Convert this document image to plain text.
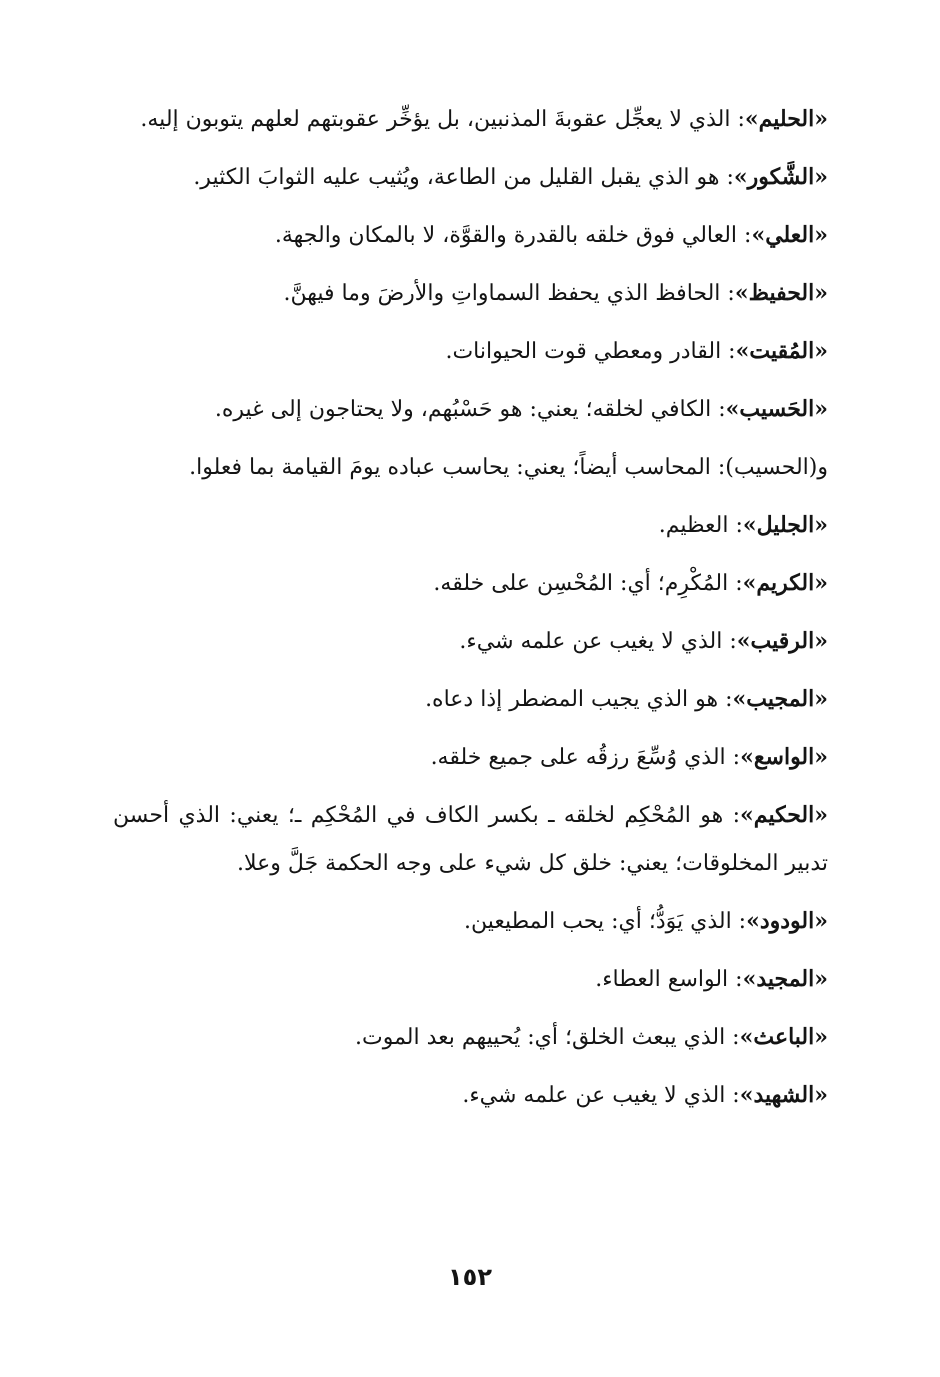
«الحليم»: الذي لا يعجِّل عقوبةَ المذنبين، بل يؤخِّر عقوبتهم لعلهم يتوبون إليه.

«الشَّكور»: هو الذي يقبل القليل من الطاعة، ويُثيب عليه الثوابَ الكثير.

«العلي»: العالي فوق خلقه بالقدرة والقوَّة، لا بالمكان والجهة.

«الحفيظ»: الحافظ الذي يحفظ السماواتِ والأرضَ وما فيهنَّ.

«المُقيت»: القادر ومعطي قوت الحيوانات.

«الحَسيب»: الكافي لخلقه؛ يعني: هو حَسْبُهم، ولا يحتاجون إلى غيره.

و(الحسيب): المحاسب أيضاً؛ يعني: يحاسب عباده يومَ القيامة بما فعلوا.

«الجليل»: العظيم.

«الكريم»: المُكْرِم؛ أي: المُحْسِن على خلقه.

«الرقيب»: الذي لا يغيب عن علمه شيء.

«المجيب»: هو الذي يجيب المضطر إذا دعاه.

«الواسع»: الذي وُسِّعَ رزقُه على جميع خلقه.

«الحكيم»: هو المُحْكِم لخلقه ـ بكسر الكاف في المُحْكِم ـ؛ يعني: الذي أحسن تدبير المخلوقات؛ يعني: خلق كل شيء على وجه الحكمة جَلَّ وعلا.

«الودود»: الذي يَوَدُّ؛ أي: يحب المطيعين.

«المجيد»: الواسع العطاء.

«الباعث»: الذي يبعث الخلق؛ أي: يُحييهم بعد الموت.

«الشهيد»: الذي لا يغيب عن علمه شيء.

١٥٢
